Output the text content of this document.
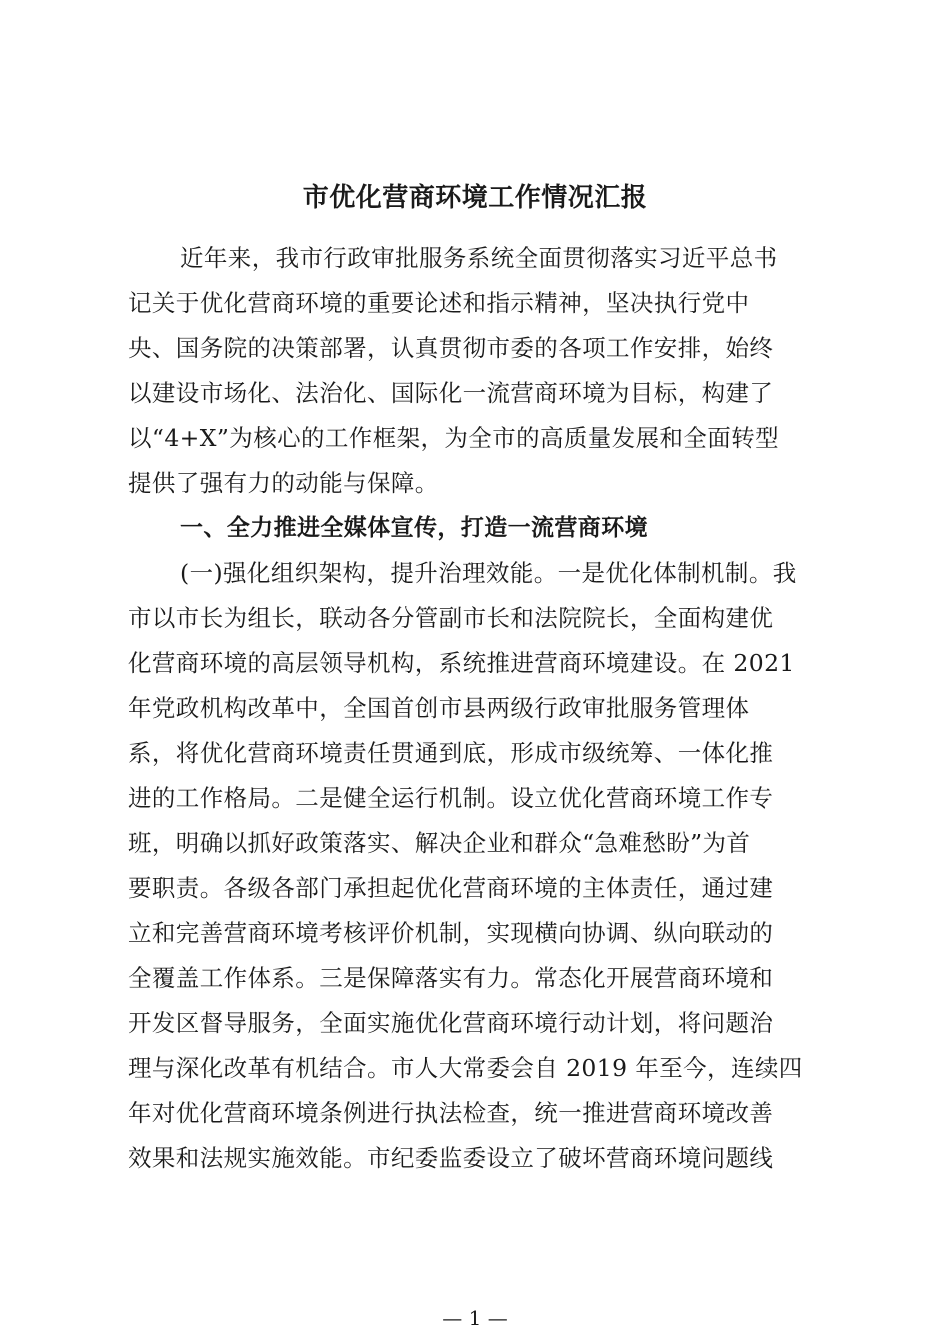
市优化营商环境工作情况汇报
近年来，我市行政审批服务系统全面贯彻落实习近平总书
记关于优化营商环境的重要论述和指示精神，坚决执行党中
央、国务院的决策部署，认真贯彻市委的各项工作安排，始终
以建设市场化、法治化、国际化一流营商环境为目标，构建了
以“4+X”为核心的工作框架，为全市的高质量发展和全面转型
提供了强有力的动能与保障。
一、全力推进全媒体宣传，打造一流营商环境
(一)强化组织架构，提升治理效能。一是优化体制机制。我
市以市长为组长，联动各分管副市长和法院院长，全面构建优
化营商环境的高层领导机构，系统推进营商环境建设。在 2021
年党政机构改革中，全国首创市县两级行政审批服务管理体
系，将优化营商环境责任贯通到底，形成市级统筹、一体化推
进的工作格局。二是健全运行机制。设立优化营商环境工作专
班，明确以抓好政策落实、解决企业和群众“急难愁盼”为首
要职责。各级各部门承担起优化营商环境的主体责任，通过建
立和完善营商环境考核评价机制，实现横向协调、纵向联动的
全覆盖工作体系。三是保障落实有力。常态化开展营商环境和
开发区督导服务，全面实施优化营商环境行动计划，将问题治
理与深化改革有机结合。市人大常委会自 2019 年至今，连续四
年对优化营商环境条例进行执法检查，统一推进营商环境改善
效果和法规实施效能。市纪委监委设立了破坏营商环境问题线
— 1 —
